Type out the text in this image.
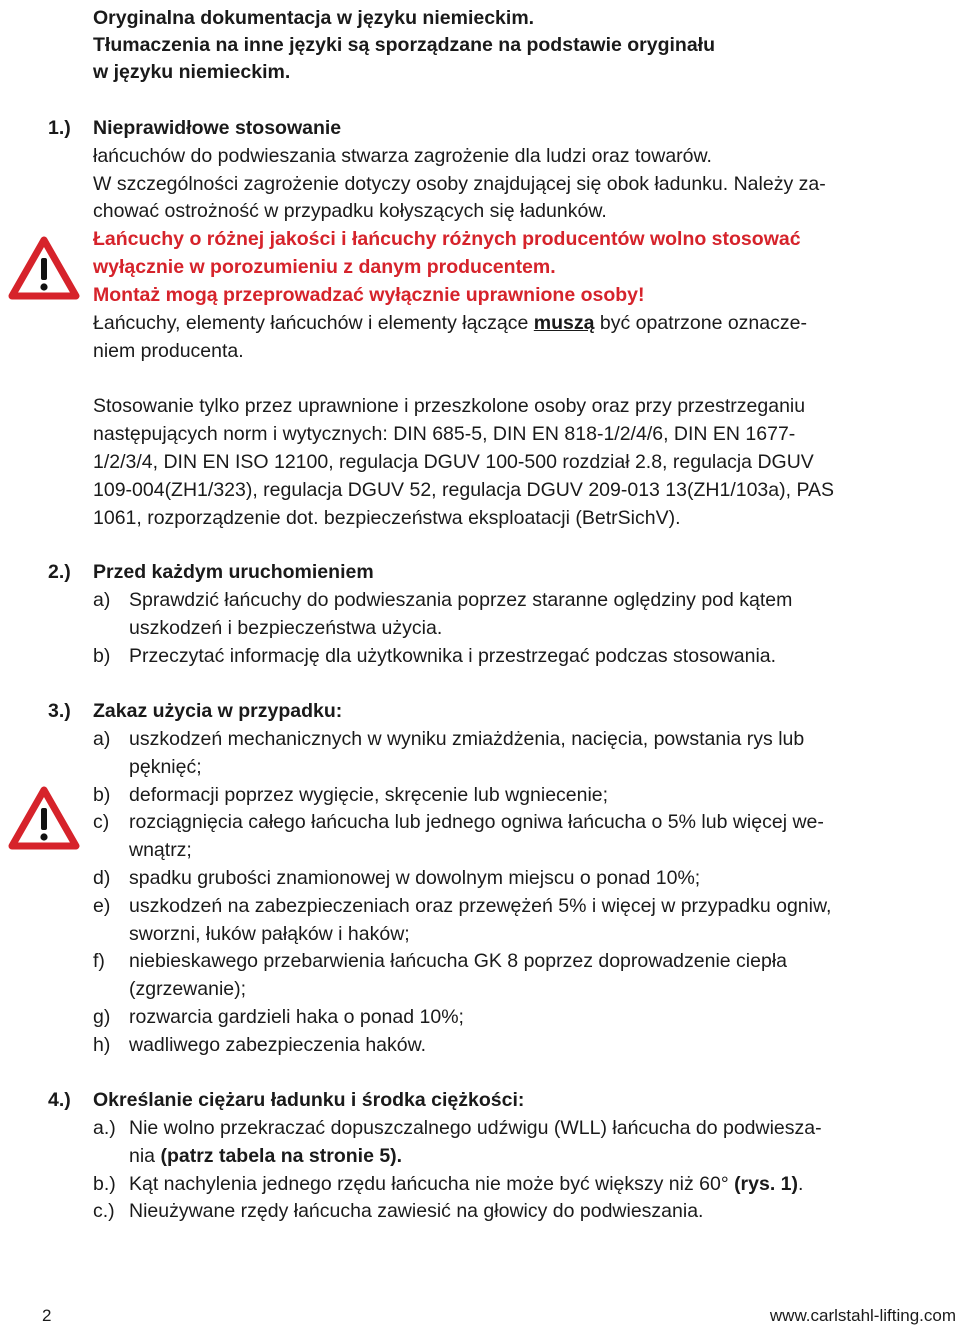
Oryginalna dokumentacja w języku niemieckim.
Tłumaczenia na inne języki są sporządzane na podstawie oryginału
w języku niemieckim.
1.) Nieprawidłowe stosowanie
łańcuchów do podwieszania stwarza zagrożenie dla ludzi oraz towarów.
W szczególności zagrożenie dotyczy osoby znajdującej się obok ładunku. Należy za-
chować ostrożność w przypadku kołyszących się ładunków.
Łańcuchy o różnej jakości i łańcuchy różnych producentów wolno stosować
wyłącznie w porozumieniu z danym producentem.
Montaż mogą przeprowadzać wyłącznie uprawnione osoby!
Łańcuchy, elementy łańcuchów i elementy łączące muszą być opatrzone oznacze-
niem producenta.
Stosowanie tylko przez uprawnione i przeszkolone osoby oraz przy przestrzeganiu
następujących norm i wytycznych: DIN 685-5, DIN EN 818-1/2/4/6, DIN EN 1677-
1/2/3/4, DIN EN ISO 12100, regulacja DGUV 100-500 rozdział 2.8, regulacja DGUV
109-004(ZH1/323), regulacja DGUV 52, regulacja DGUV 209-013 13(ZH1/103a), PAS
1061, rozporządzenie dot. bezpieczeństwa eksploatacji (BetrSichV).
2.) Przed każdym uruchomieniem
a) Sprawdzić łańcuchy do podwieszania poprzez staranne oględziny pod kątem
uszkodzeń i bezpieczeństwa użycia.
b) Przeczytać informację dla użytkownika i przestrzegać podczas stosowania.
3.) Zakaz użycia w przypadku:
a) uszkodzeń mechanicznych w wyniku zmiażdżenia, nacięcia, powstania rys lub
pęknięć;
b) deformacji poprzez wygięcie, skręcenie lub wgniecenie;
c) rozciągnięcia całego łańcucha lub jednego ogniwa łańcucha o 5% lub więcej we-
wnątrz;
d) spadku grubości znamionowej w dowolnym miejscu o ponad 10%;
e) uszkodzeń na zabezpieczeniach oraz przewężeń 5% i więcej w przypadku ogniw,
sworzni, łuków pałąków i haków;
f) niebieskawego przebarwienia łańcucha GK 8 poprzez doprowadzenie ciepła
(zgrzewanie);
g) rozwarcia gardzieli haka o ponad 10%;
h) wadliwego zabezpieczenia haków.
4.) Określanie ciężaru ładunku i środka ciężkości:
a.) Nie wolno przekraczać dopuszczalnego udźwigu (WLL) łańcucha do podwiesza-
nia (patrz tabela na stronie 5).
b.) Kąt nachylenia jednego rzędu łańcucha nie może być większy niż 60° (rys. 1).
c.) Nieużywane rzędy łańcucha zawiesić na głowicy do podwieszania.
2	www.carlstahl-lifting.com
